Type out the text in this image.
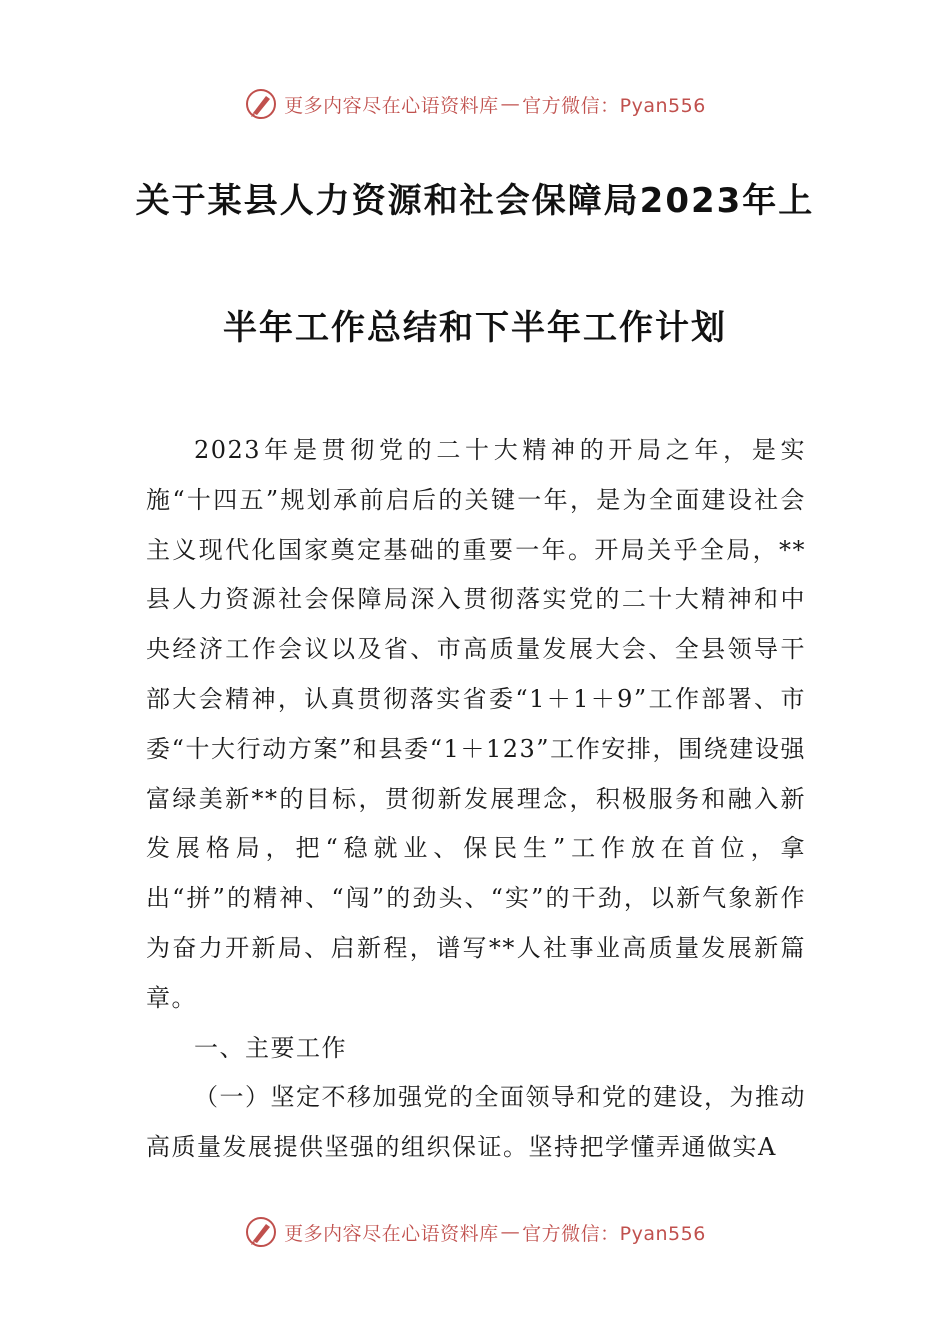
更多内容尽在心语资料库 — 官方微信：Pyan556
关于某县人力资源和社会保障局2023年上
半年工作总结和下半年工作计划

2023年是贯彻党的二十大精神的开局之年，是实施“十四五”规划承前启后的关键一年，是为全面建设社会主义现代化国家奠定基础的重要一年。开局关乎全局，**县人力资源社会保障局深入贯彻落实党的二十大精神和中央经济工作会议以及省、市高质量发展大会、全县领导干部大会精神，认真贯彻落实省委“1＋1＋9”工作部署、市委“十大行动方案”和县委“1＋123”工作安排，围绕建设强富绿美新**的目标，贯彻新发展理念，积极服务和融入新发展格局，把“稳就业、保民生”工作放在首位，拿出“拼”的精神、“闯”的劲头、“实”的干劲，以新气象新作为奋力开新局、启新程，谱写**人社事业高质量发展新篇章。

一、主要工作

（一）坚定不移加强党的全面领导和党的建设，为推动高质量发展提供坚强的组织保证。坚持把学懂弄通做实A

更多内容尽在心语资料库 — 官方微信：Pyan556
